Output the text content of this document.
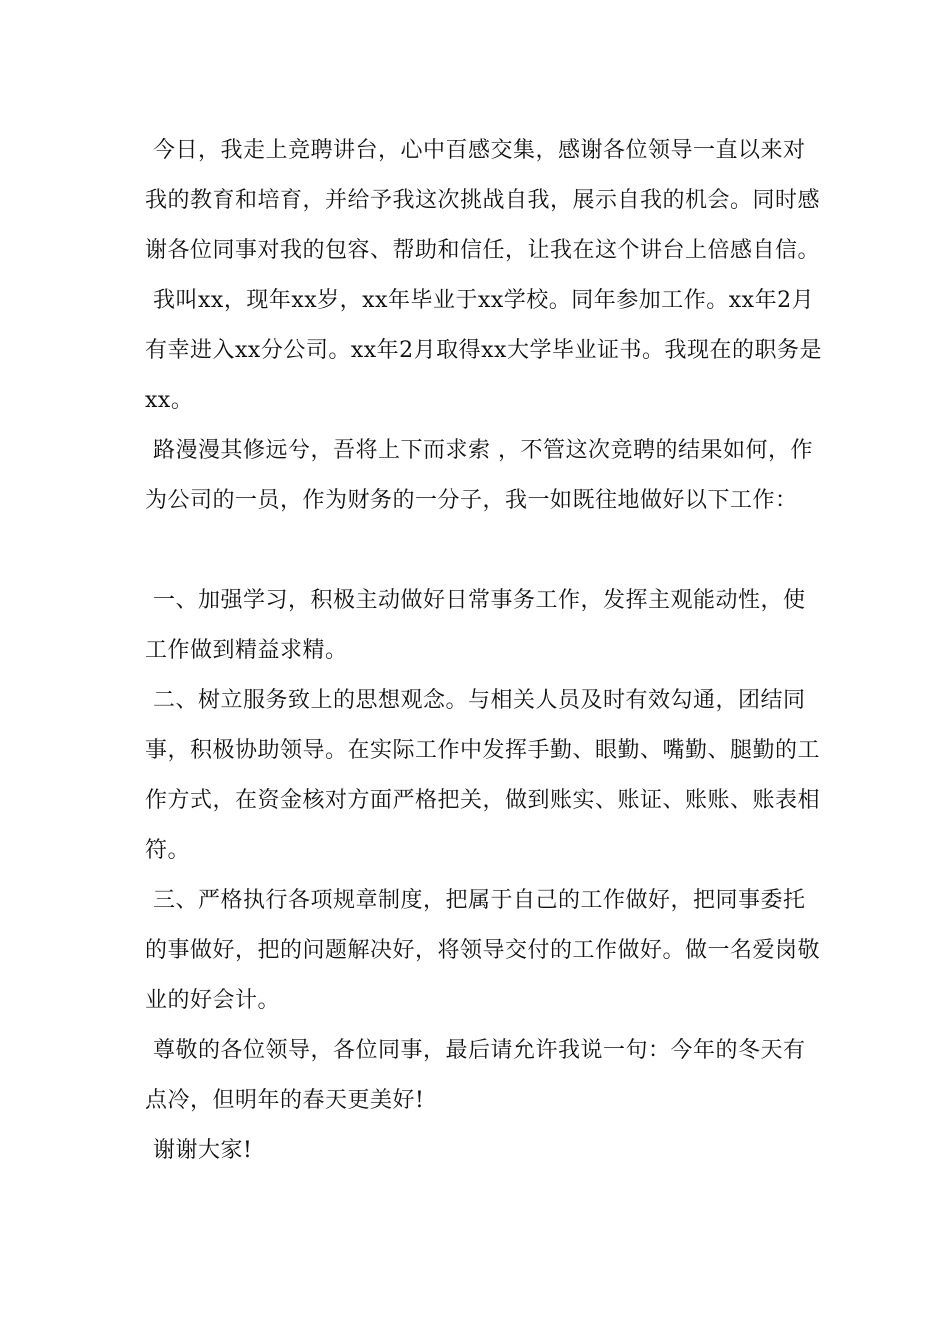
今日，我走上竞聘讲台，心中百感交集，感谢各位领导一直以来对我的教育和培育，并给予我这次挑战自我，展示自我的机会。同时感谢各位同事对我的包容、帮助和信任，让我在这个讲台上倍感自信。

我叫xx，现年xx岁，xx年毕业于xx学校。同年参加工作。xx年2月有幸进入xx分公司。xx年2月取得xx大学毕业证书。我现在的职务是xx。

路漫漫其修远兮，吾将上下而求索 ，不管这次竞聘的结果如何，作为公司的一员，作为财务的一分子，我一如既往地做好以下工作：

一、加强学习，积极主动做好日常事务工作，发挥主观能动性，使工作做到精益求精。

二、树立服务致上的思想观念。与相关人员及时有效勾通，团结同事，积极协助领导。在实际工作中发挥手勤、眼勤、嘴勤、腿勤的工作方式，在资金核对方面严格把关，做到账实、账证、账账、账表相符。

三、严格执行各项规章制度，把属于自己的工作做好，把同事委托的事做好，把的问题解决好，将领导交付的工作做好。做一名爱岗敬业的好会计。

尊敬的各位领导，各位同事，最后请允许我说一句：今年的冬天有点冷，但明年的春天更美好!

谢谢大家!
